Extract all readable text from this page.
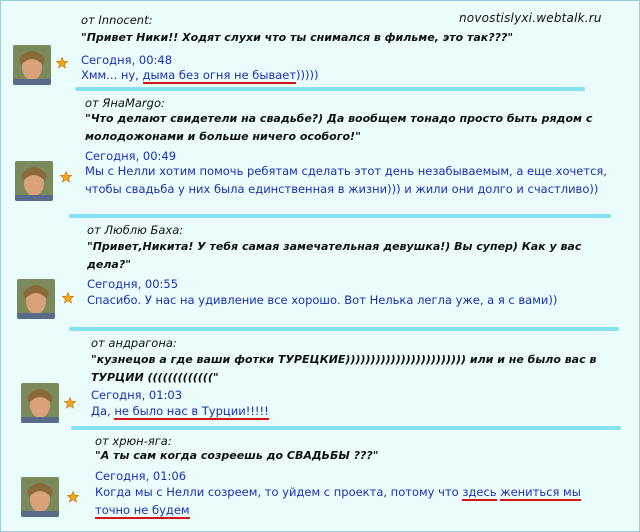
novostislyxi.webtalk.ru
от Innocent:
"Привет Ники!! Ходят слухи что ты снимался в фильме, это так???"
Сегодня, 00:48
Хмм... ну, дыма без огня не бывает)))))
от ЯнаMargo:
"Что делают свидетели на свадьбе?) Да вообщем тонадо просто быть рядом с молодожонами и больше ничего особого!"
Сегодня, 00:49
Мы с Нелли хотим помочь ребятам сделать этот день незабываемым, а еще хочется, чтобы свадьба у них была единственная в жизни))) и жили они долго и счастливо))
от Люблю Баха:
"Привет,Никита! У тебя самая замечательная девушка!) Вы супер) Как у вас дела?"
Сегодня, 00:55
Спасибо. У нас на удивление все хорошо. Вот Нелька легла уже, а я с вами))
от андрагона:
"кузнецов а где ваши фотки ТУРЕЦКИЕ)))))))))))))))))))))))) или и не было вас в ТУРЦИИ ((((((((((((("
Сегодня, 01:03
Да, не было нас в Турции!!!!!
от хрюн-яга:
"А ты сам когда созреешь до СВАДЬБЫ ???"
Сегодня, 01:06
Когда мы с Нелли созреем, то уйдем с проекта, потому что здесь жениться мы точно не будем
